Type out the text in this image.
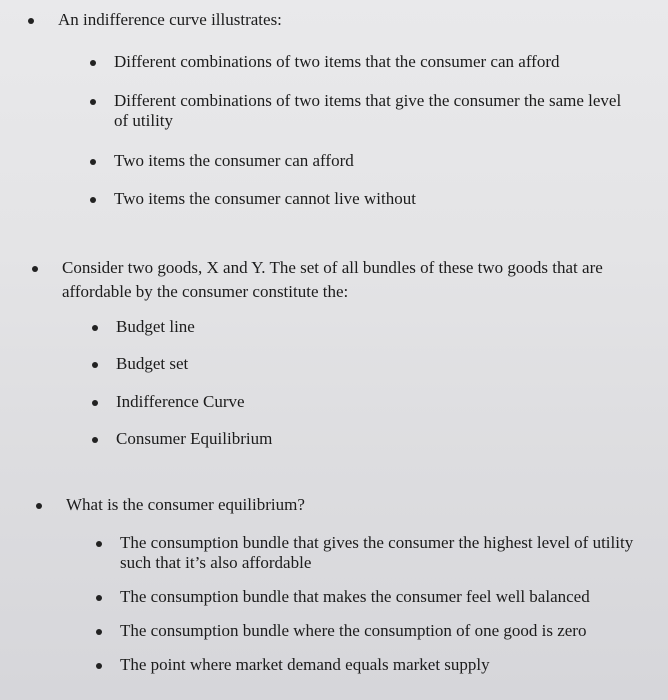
An indifference curve illustrates:
Different combinations of two items that the consumer can afford
Different combinations of two items that give the consumer the same level
of utility
Two items the consumer can afford
Two items the consumer cannot live without
Consider two goods, X and Y. The set of all bundles of these two goods that are
affordable by the consumer constitute the:
Budget line
Budget set
Indifference Curve
Consumer Equilibrium
What is the consumer equilibrium?
The consumption bundle that gives the consumer the highest level of utility
such that it’s also affordable
The consumption bundle that makes the consumer feel well balanced
The consumption bundle where the consumption of one good is zero
The point where market demand equals market supply
